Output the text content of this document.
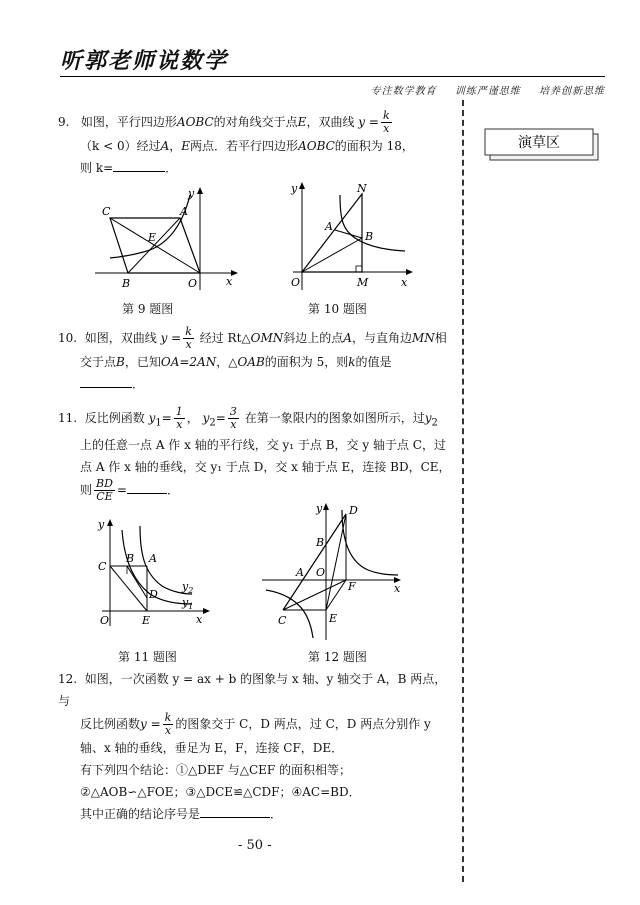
听郭老师说数学
专注数学教育 训练严谨思维 培养创新思维
演草区
9. 如图，平行四边形AOBC的对角线交于点E，双曲线 $y = \frac{k}{x}$
（k < 0）经过A，E两点．若平行四边形AOBC的面积为 18，
则 k=	．
C	A
E
B	O	x
y
第 9 题图
y	N
A
B
O	M	x
第 10 题图
10. 如图，双曲线 $y = \frac{k}{x}$ 经过 Rt△OMN斜边上的点A，与直角边MN相
交于点B，已知OA=2AN，△OAB的面积为 5，则k的值是
．
11. 反比例函数 $y_1= \frac{1}{x}$ ， $y_2= \frac{3}{x}$ 在第一象限内的图象如图所示，过$y_2$
上的任意一点 A 作 x 轴的平行线，交 y₁ 于点 B，交 y 轴于点 C，过
点 A 作 x 轴的垂线，交 y₁ 于点 D，交 x 轴于点 E，连接 BD，CE，
则 $\frac{BD}{CE}$ =	．
y
C
B A
D
O	E	x
$y_2$
$y_1$
第 11 题图
y D
B
A O
F	x
C	E
第 12 题图
12. 如图，一次函数 y = ax + b 的图象与 x 轴、y 轴交于 A，B 两点，与
反比例函数$y = \frac{k}{x}$ 的图象交于 C，D 两点，过 C，D 两点分别作 y
轴、x 轴的垂线，垂足为 E，F，连接 CF，DE．
有下列四个结论：①△DEF 与△CEF 的面积相等；
②△AOB∽△FOE；③△DCE≌△CDF；④AC=BD．
其中正确的结论序号是	．
- 50 -
